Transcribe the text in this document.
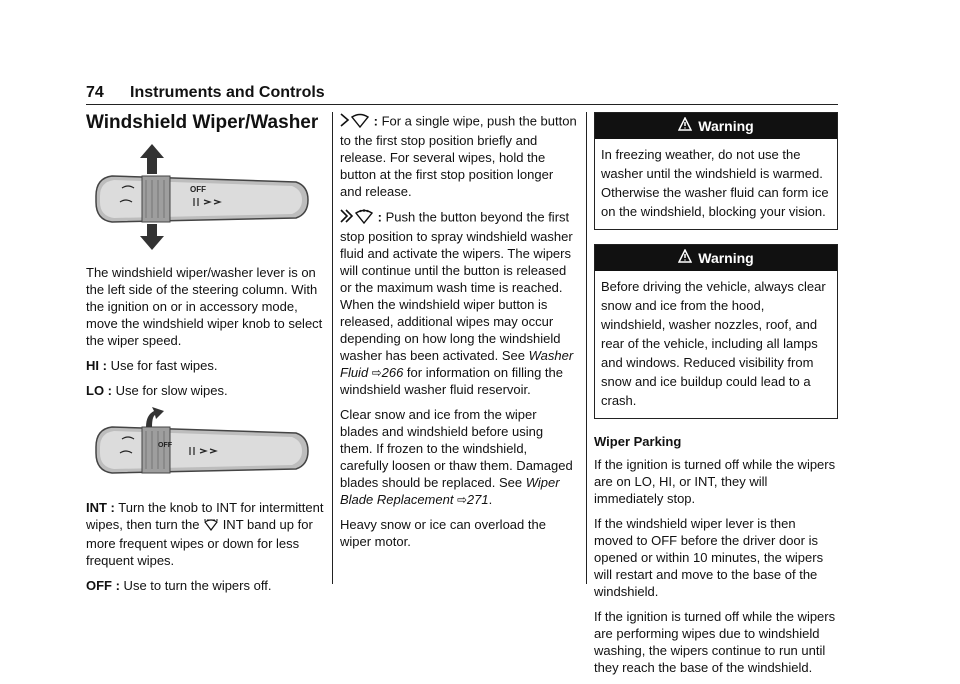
74 Instruments and Controls
Windshield Wiper/Washer
OFF

The windshield wiper/washer lever is on the left side of the steering column. With the ignition on or in accessory mode, move the windshield wiper knob to select the wiper speed.

HI : Use for fast wipes.

LO : Use for slow wipes.

OFF

INT : Turn the knob to INT for intermittent wipes, then turn the  INT band up for more frequent wipes or down for less frequent wipes.

OFF : Use to turn the wipers off.

: For a single wipe, push the button to the first stop position briefly and release. For several wipes, hold the button at the first stop position longer and release.

: Push the button beyond the first stop position to spray windshield washer fluid and activate the wipers. The wipers will continue until the button is released or the maximum wash time is reached. When the windshield wiper button is released, additional wipes may occur depending on how long the windshield washer has been activated. See Washer Fluid ⇨266 for information on filling the windshield washer fluid reservoir.

Clear snow and ice from the wiper blades and windshield before using them. If frozen to the windshield, carefully loosen or thaw them. Damaged blades should be replaced. See Wiper Blade Replacement ⇨271.

Heavy snow or ice can overload the wiper motor.

Warning
In freezing weather, do not use the washer until the windshield is warmed. Otherwise the washer fluid can form ice on the windshield, blocking your vision.
Warning
Before driving the vehicle, always clear snow and ice from the hood, windshield, washer nozzles, roof, and rear of the vehicle, including all lamps and windows. Reduced visibility from snow and ice buildup could lead to a crash.
Wiper Parking

If the ignition is turned off while the wipers are on LO, HI, or INT, they will immediately stop.

If the windshield wiper lever is then moved to OFF before the driver door is opened or within 10 minutes, the wipers will restart and move to the base of the windshield.

If the ignition is turned off while the wipers are performing wipes due to windshield washing, the wipers continue to run until they reach the base of the windshield.
